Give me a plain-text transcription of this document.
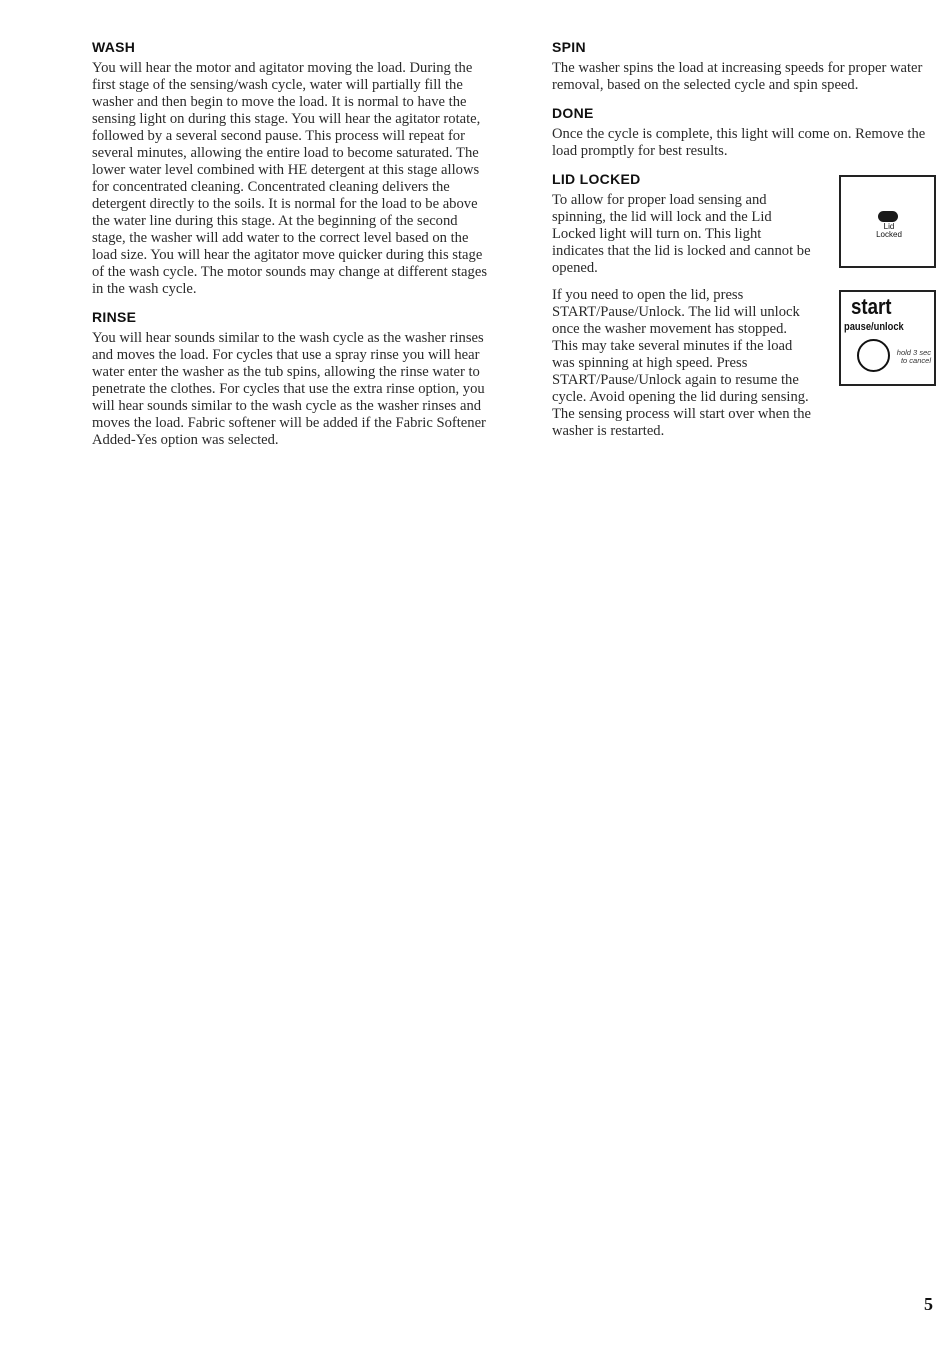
WASH

You will hear the motor and agitator moving the load. During the first stage of the sensing/wash cycle, water will partially fill the washer and then begin to move the load. It is normal to have the sensing light on during this stage. You will hear the agitator rotate, followed by a several second pause. This process will repeat for several minutes, allowing the entire load to become saturated. The lower water level combined with HE detergent at this stage allows for concentrated cleaning. Concentrated cleaning delivers the detergent directly to the soils. It is normal for the load to be above the water line during this stage. At the beginning of the second stage, the washer will add water to the correct level based on the load size. You will hear the agitator move quicker during this stage of the wash cycle. The motor sounds may change at different stages in the wash cycle.

RINSE

You will hear sounds similar to the wash cycle as the washer rinses and moves the load. For cycles that use a spray rinse you will hear water enter the washer as the tub spins, allowing the rinse water to penetrate the clothes. For cycles that use the extra rinse option, you will hear sounds similar to the wash cycle as the washer rinses and moves the load. Fabric softener will be added if the Fabric Softener Added-Yes option was selected.

SPIN

The washer spins the load at increasing speeds for proper water removal, based on the selected cycle and spin speed.

DONE

Once the cycle is complete, this light will come on. Remove the load promptly for best results.

LID LOCKED

To allow for proper load sensing and spinning, the lid will lock and the Lid Locked light will turn on. This light indicates that the lid is locked and cannot be opened.

If you need to open the lid, press START/Pause/Unlock. The lid will unlock once the washer movement has stopped. This may take several minutes if the load was spinning at high speed. Press START/Pause/Unlock again to resume the cycle. Avoid opening the lid during sensing. The sensing process will start over when the washer is restarted.

Lid
Locked
start
pause/unlock
hold 3 sec
to cancel
5
